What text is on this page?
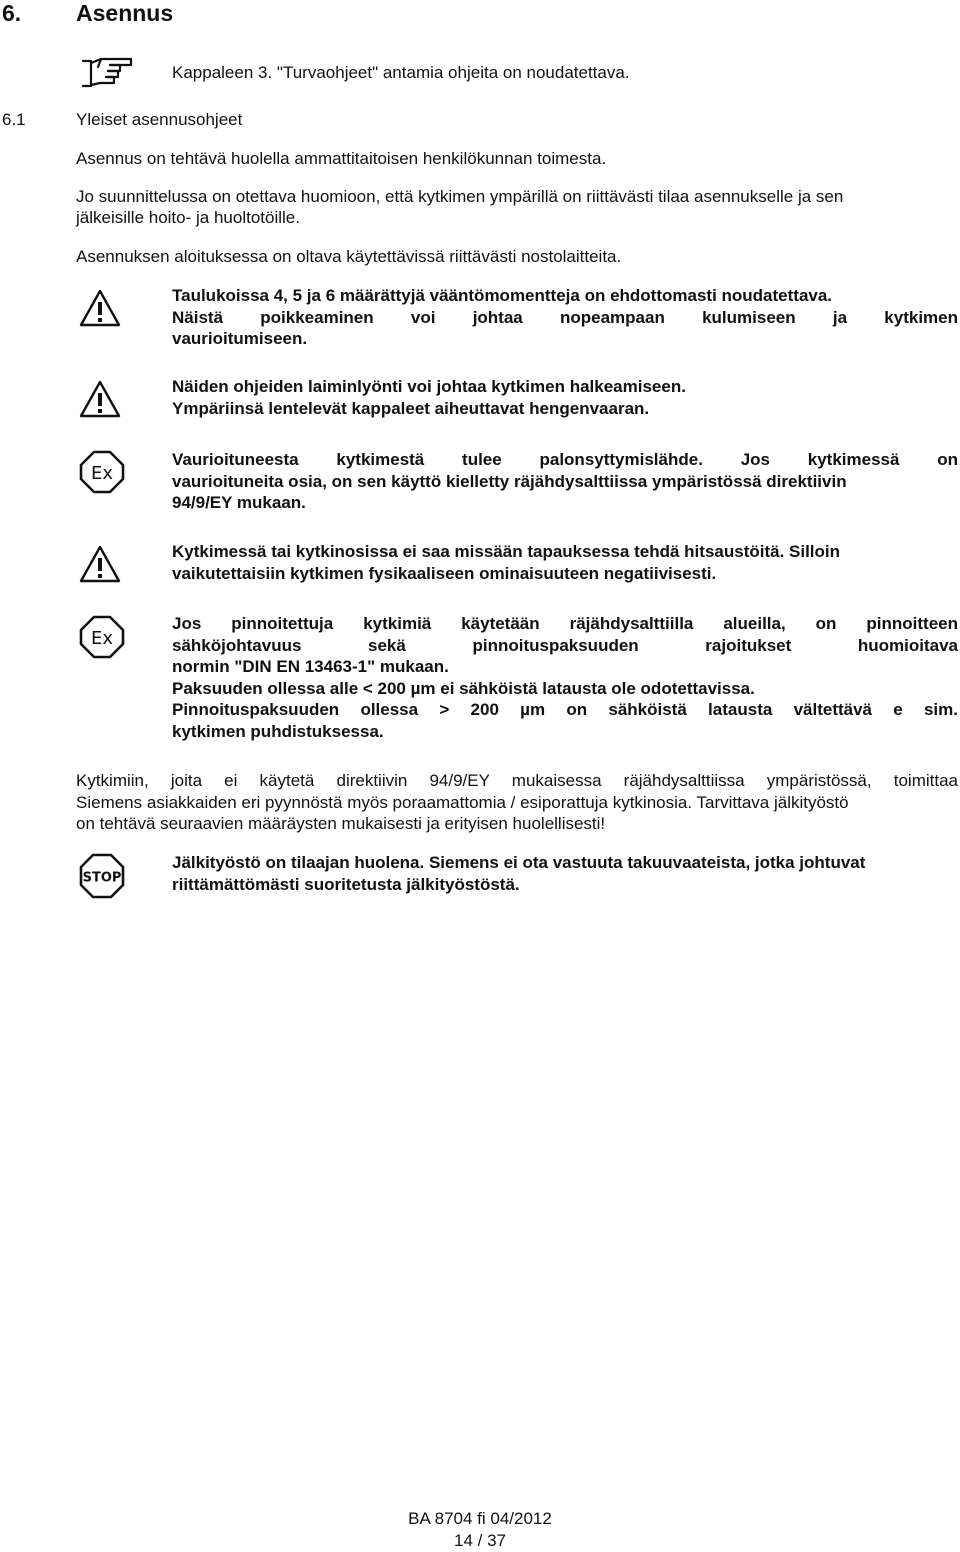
6. Asennus

Kappaleen 3. "Turvaohjeet" antamia ohjeita on noudatettava.

6.1	Yleiset asennusohjeet

Asennus on tehtävä huolella ammattitaitoisen henkilökunnan toimesta.

Jo suunnittelussa on otettava huomioon, että kytkimen ympärillä on riittävästi tilaa asennukselle ja sen

jälkeisille hoito- ja huoltotöille.

Asennuksen aloituksessa on oltava käytettävissä riittävästi nostolaitteita.

Taulukoissa 4, 5 ja 6 määrättyjä vääntömomentteja on ehdottomasti noudatettava.

Näistä poikkeaminen voi johtaa nopeampaan kulumiseen ja kytkimen

vaurioitumiseen.

Näiden ohjeiden laiminlyönti voi johtaa kytkimen halkeamiseen.

Ympäriinsä lentelevät kappaleet aiheuttavat hengenvaaran.

Ex

Vaurioituneesta kytkimestä tulee palonsyttymislähde. Jos kytkimessä on

vaurioituneita osia, on sen käyttö kielletty räjähdysalttiissa ympäristössä direktiivin

94/9/EY mukaan.

Kytkimessä tai kytkinosissa ei saa missään tapauksessa tehdä hitsaustöitä. Silloin

vaikutettaisiin kytkimen fysikaaliseen ominaisuuteen negatiivisesti.

Ex

Jos pinnoitettuja kytkimiä käytetään räjähdysalttiilla alueilla, on pinnoitteen

sähköjohtavuus sekä pinnoituspaksuuden rajoitukset huomioitava

normin "DIN EN 13463-1" mukaan.

Paksuuden ollessa alle < 200 µm ei sähköistä latausta ole odotettavissa.

Pinnoituspaksuuden ollessa > 200 µm on sähköistä latausta vältettävä e sim.

kytkimen puhdistuksessa.

Kytkimiin, joita ei käytetä direktiivin 94/9/EY mukaisessa räjähdysalttiissa ympäristössä, toimittaa

Siemens asiakkaiden eri pyynnöstä myös poraamattomia / esiporattuja kytkinosia. Tarvittava jälkityöstö

on tehtävä seuraavien määräysten mukaisesti ja erityisen huolellisesti!

STOP

Jälkityöstö on tilaajan huolena. Siemens ei ota vastuuta takuuvaateista, jotka johtuvat

riittämättömästi suoritetusta jälkityöstöstä.

BA 8704 fi 04/2012

14 / 37
